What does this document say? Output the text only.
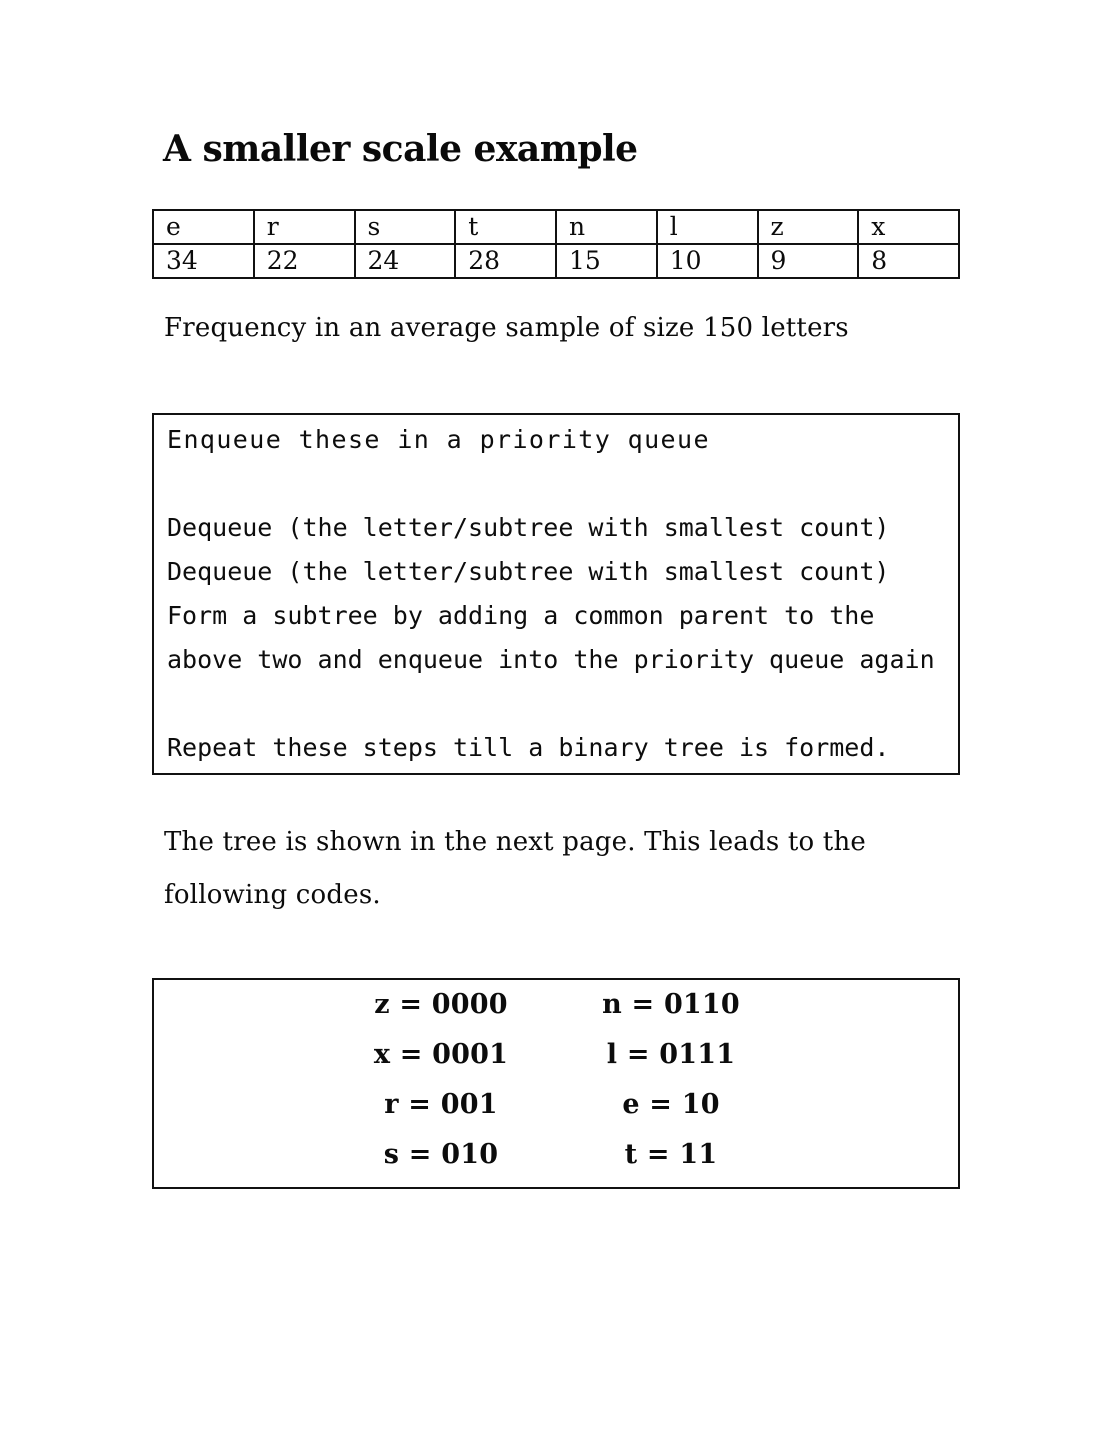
A smaller scale example
e	r	s	t	n	l	z	x
34	22	24	28	15	10	9	8
Frequency in an average sample of size 150 letters
Enqueue these in a priority queue
Dequeue (the letter/subtree with smallest count)
Dequeue (the letter/subtree with smallest count)
Form a subtree by adding a common parent to the
above two and enqueue into the priority queue again
Repeat these steps till a binary tree is formed.
The tree is shown in the next page. This leads to the
following codes.
z = 0000
x = 0001
r = 001
s = 010
n = 0110
l = 0111
e = 10
t = 11
